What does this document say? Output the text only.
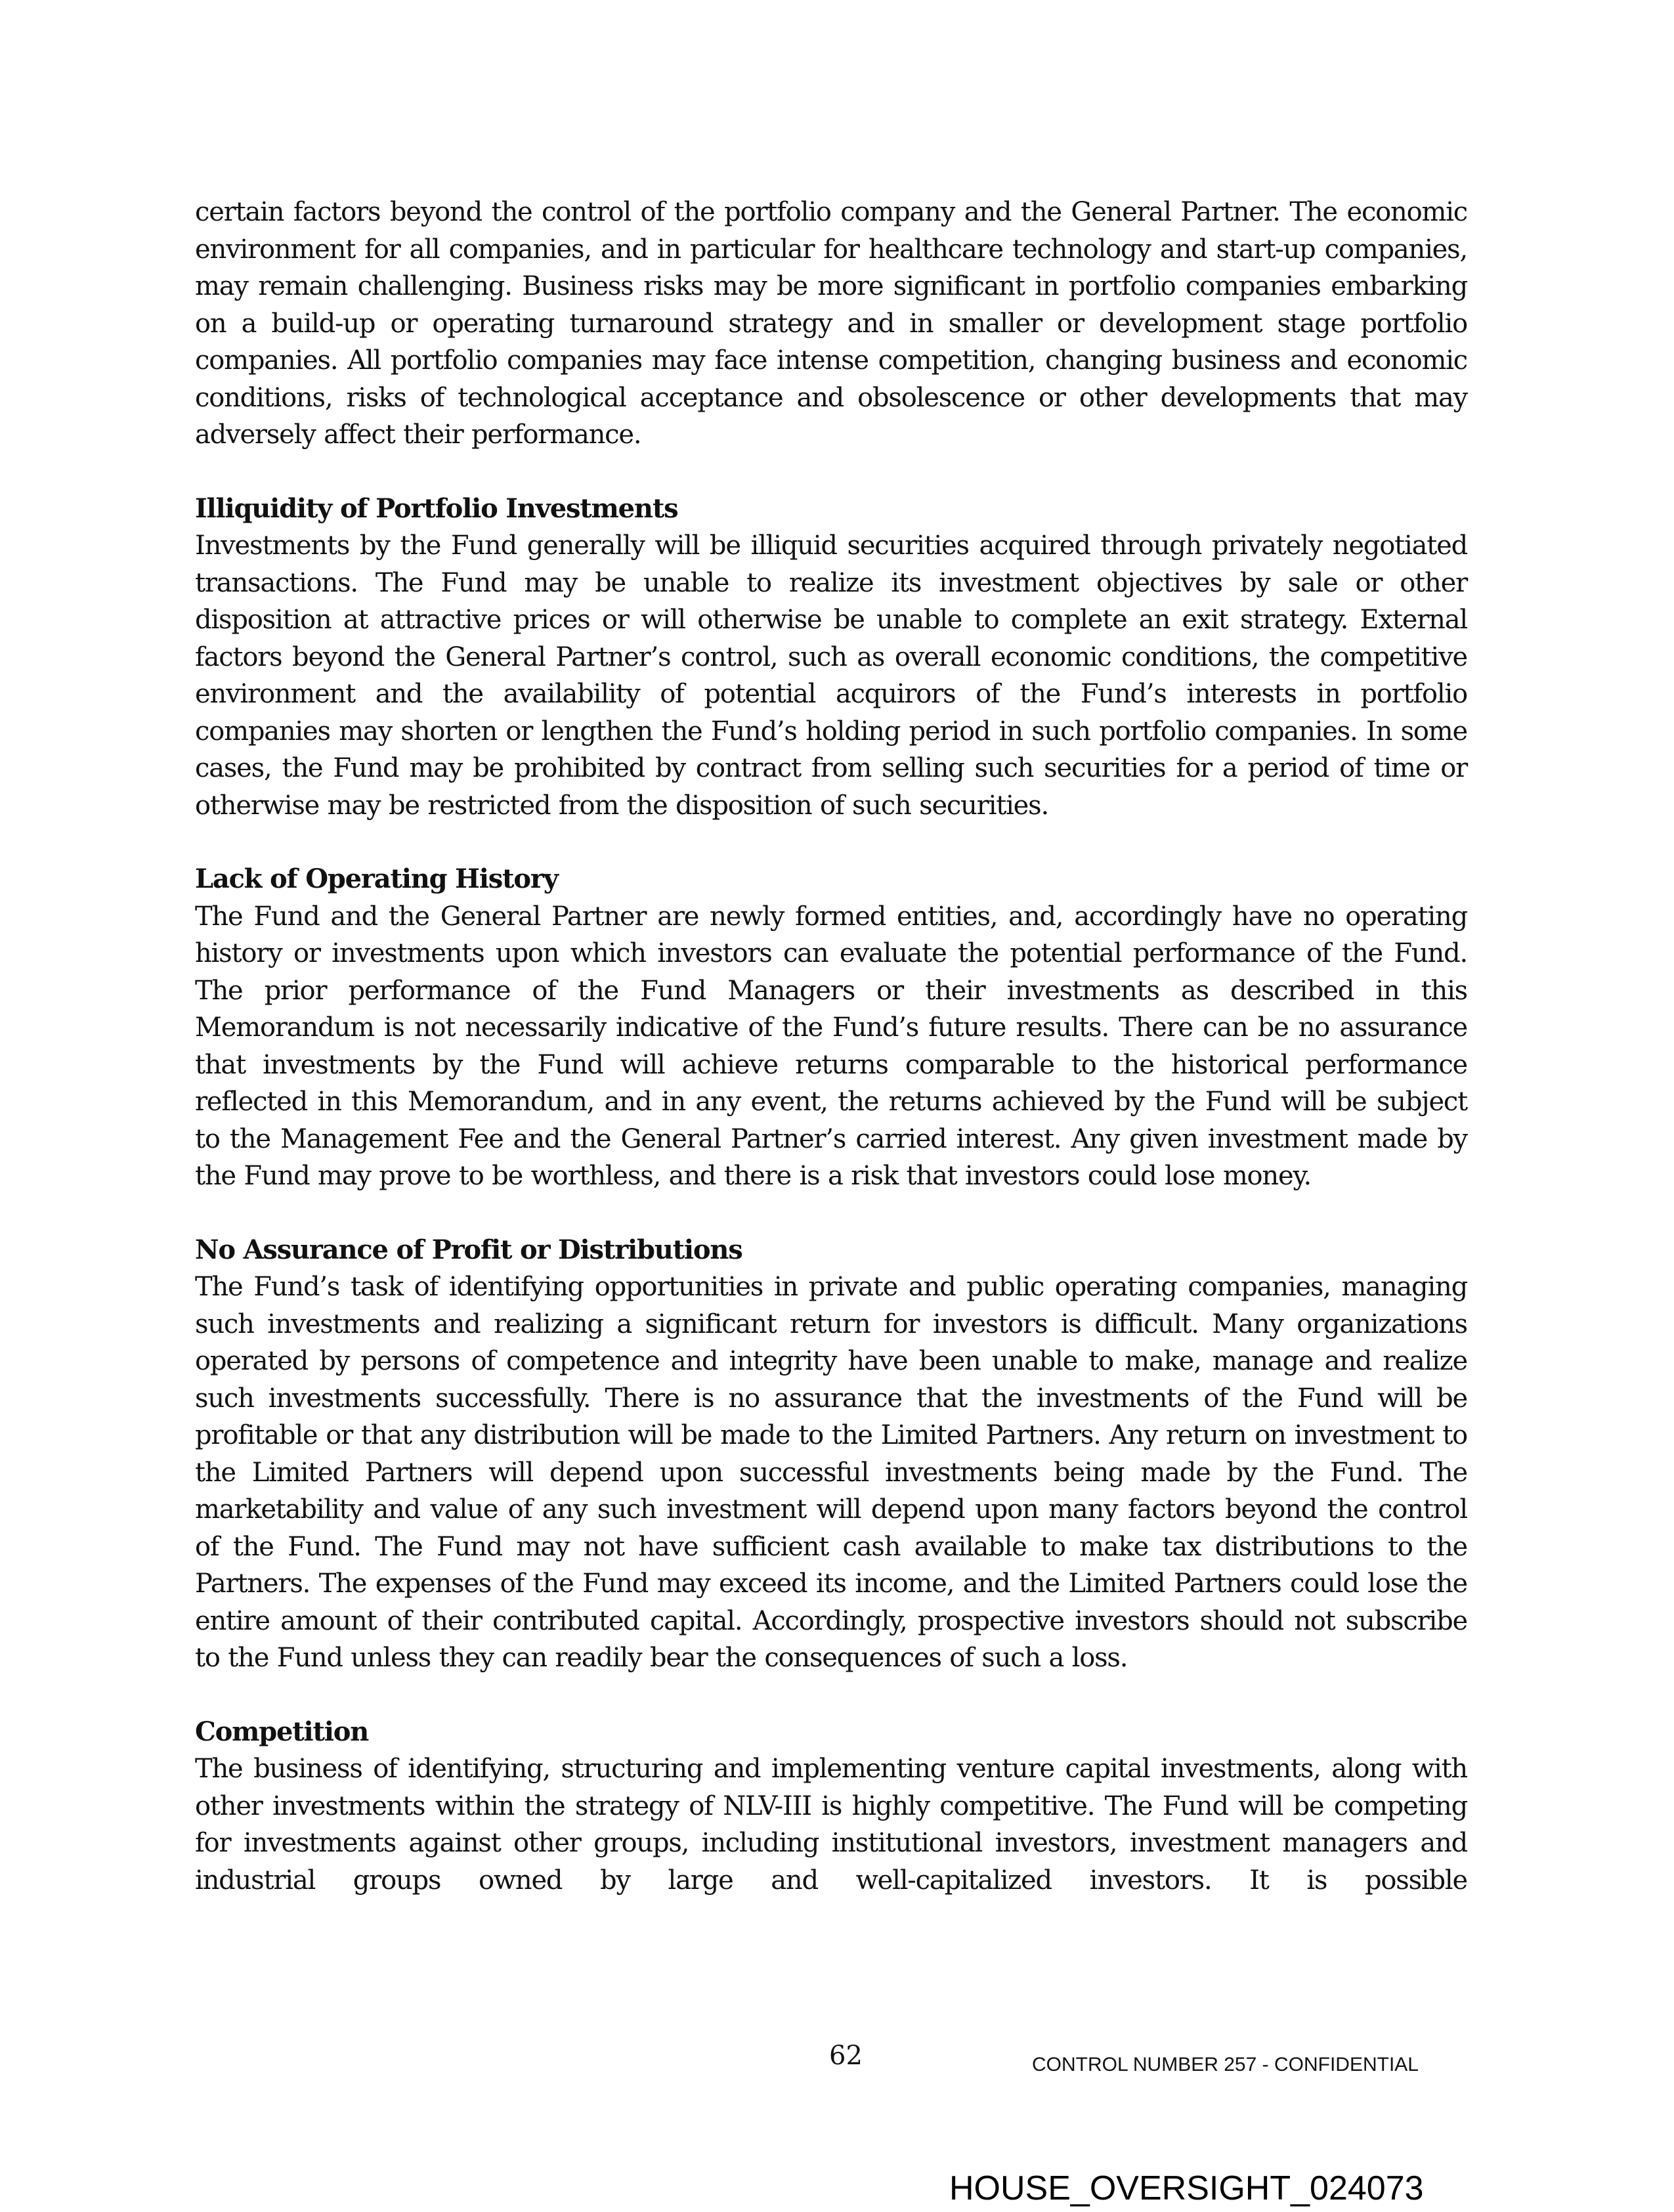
certain factors beyond the control of the portfolio company and the General Partner. The economic environment for all companies, and in particular for healthcare technology and start-up companies, may remain challenging. Business risks may be more significant in portfolio companies embarking on a build-up or operating turnaround strategy and in smaller or development stage portfolio companies. All portfolio companies may face intense competition, changing business and economic conditions, risks of technological acceptance and obsolescence or other developments that may adversely affect their performance.

Illiquidity of Portfolio Investments

Investments by the Fund generally will be illiquid securities acquired through privately negotiated transactions. The Fund may be unable to realize its investment objectives by sale or other disposition at attractive prices or will otherwise be unable to complete an exit strategy. External factors beyond the General Partner’s control, such as overall economic conditions, the competitive environment and the availability of potential acquirors of the Fund’s interests in portfolio companies may shorten or lengthen the Fund’s holding period in such portfolio companies. In some cases, the Fund may be prohibited by contract from selling such securities for a period of time or otherwise may be restricted from the disposition of such securities.

Lack of Operating History

The Fund and the General Partner are newly formed entities, and, accordingly have no operating history or investments upon which investors can evaluate the potential performance of the Fund. The prior performance of the Fund Managers or their investments as described in this Memorandum is not necessarily indicative of the Fund’s future results. There can be no assurance that investments by the Fund will achieve returns comparable to the historical performance reflected in this Memorandum, and in any event, the returns achieved by the Fund will be subject to the Management Fee and the General Partner’s carried interest. Any given investment made by the Fund may prove to be worthless, and there is a risk that investors could lose money.

No Assurance of Profit or Distributions

The Fund’s task of identifying opportunities in private and public operating companies, managing such investments and realizing a significant return for investors is difficult. Many organizations operated by persons of competence and integrity have been unable to make, manage and realize such investments successfully. There is no assurance that the investments of the Fund will be profitable or that any distribution will be made to the Limited Partners. Any return on investment to the Limited Partners will depend upon successful investments being made by the Fund. The marketability and value of any such investment will depend upon many factors beyond the control of the Fund. The Fund may not have sufficient cash available to make tax distributions to the Partners. The expenses of the Fund may exceed its income, and the Limited Partners could lose the entire amount of their contributed capital. Accordingly, prospective investors should not subscribe to the Fund unless they can readily bear the consequences of such a loss.

Competition

The business of identifying, structuring and implementing venture capital investments, along with other investments within the strategy of NLV-III is highly competitive. The Fund will be competing for investments against other groups, including institutional investors, investment managers and industrial groups owned by large and well-capitalized investors. It is possible

62	CONTROL NUMBER 257 - CONFIDENTIAL
HOUSE_OVERSIGHT_024073
